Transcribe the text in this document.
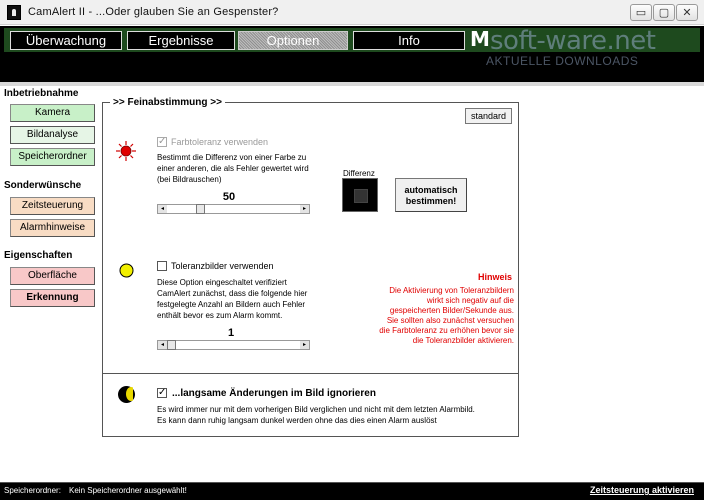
CamAlert II - ...Oder glauben Sie an Gespenster?	▭	▢	✕
Überwachung	Ergebnisse	Optionen	Info	M soft-ware.net
AKTUELLE DOWNLOADS
Inbetriebnahme
Kamera
Bildanalyse
Speicherordner
Sonderwünsche
Zeitsteuerung
Alarmhinweise
Eigenschaften
Oberfläche
Erkennung
>> Feinabstimmung >>
standard
✓ Farbtoleranz verwenden

Bestimmt die Differenz von einer Farbe zu

einer anderen, die als Fehler gewertet wird

(bei Bildrauschen)

50
◂	▸
Differenz
automatisch
bestimmen!
Toleranzbilder verwenden

Diese Option eingeschaltet verifiziert

CamAlert zunächst, dass die folgende hier

festgelegte Anzahl an Bildern auch Fehler

enthält bevor es zum Alarm kommt.

1
◂	▸
Hinweis

Die Aktivierung von Toleranzbildern

wirkt sich negativ auf die

gespeicherten Bilder/Sekunde aus.

Sie sollten also zunächst versuchen

die Farbtoleranz zu erhöhen bevor sie

die Toleranzbilder aktivieren.

✓ ...langsame Änderungen im Bild ignorieren

Es wird immer nur mit dem vorherigen Bild verglichen und nicht mit dem letzten Alarmbild.

Es kann dann ruhig langsam dunkel werden ohne das dies einen Alarm auslöst

Speicherordner: Kein Speicherordner ausgewählt!	Zeitsteuerung aktivieren
